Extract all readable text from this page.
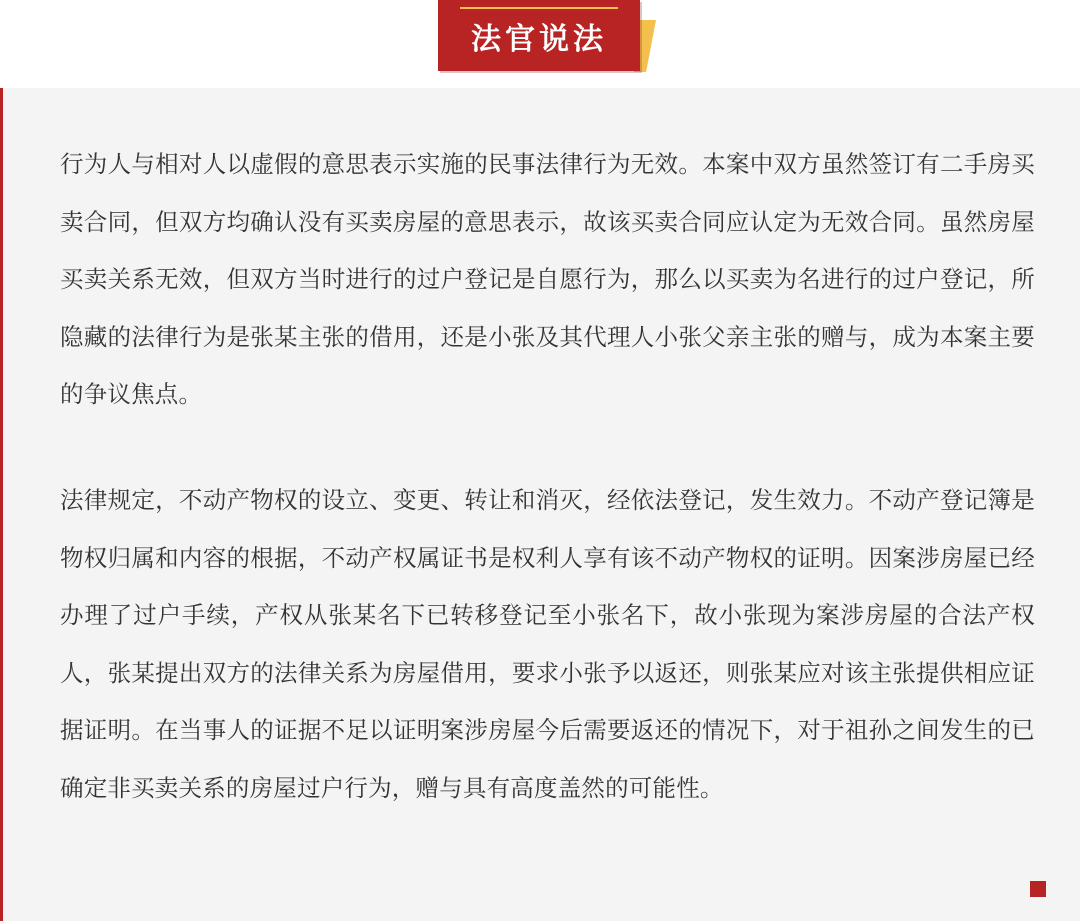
法官说法

行为人与相对人以虚假的意思表示实施的民事法律行为无效。本案中双方虽然签订有二手房买卖合同，但双方均确认没有买卖房屋的意思表示，故该买卖合同应认定为无效合同。虽然房屋买卖关系无效，但双方当时进行的过户登记是自愿行为，那么以买卖为名进行的过户登记，所隐藏的法律行为是张某主张的借用，还是小张及其代理人小张父亲主张的赠与，成为本案主要的争议焦点。

法律规定，不动产物权的设立、变更、转让和消灭，经依法登记，发生效力。不动产登记簿是物权归属和内容的根据，不动产权属证书是权利人享有该不动产物权的证明。因案涉房屋已经办理了过户手续，产权从张某名下已转移登记至小张名下，故小张现为案涉房屋的合法产权人，张某提出双方的法律关系为房屋借用，要求小张予以返还，则张某应对该主张提供相应证据证明。在当事人的证据不足以证明案涉房屋今后需要返还的情况下，对于祖孙之间发生的已确定非买卖关系的房屋过户行为，赠与具有高度盖然的可能性。
